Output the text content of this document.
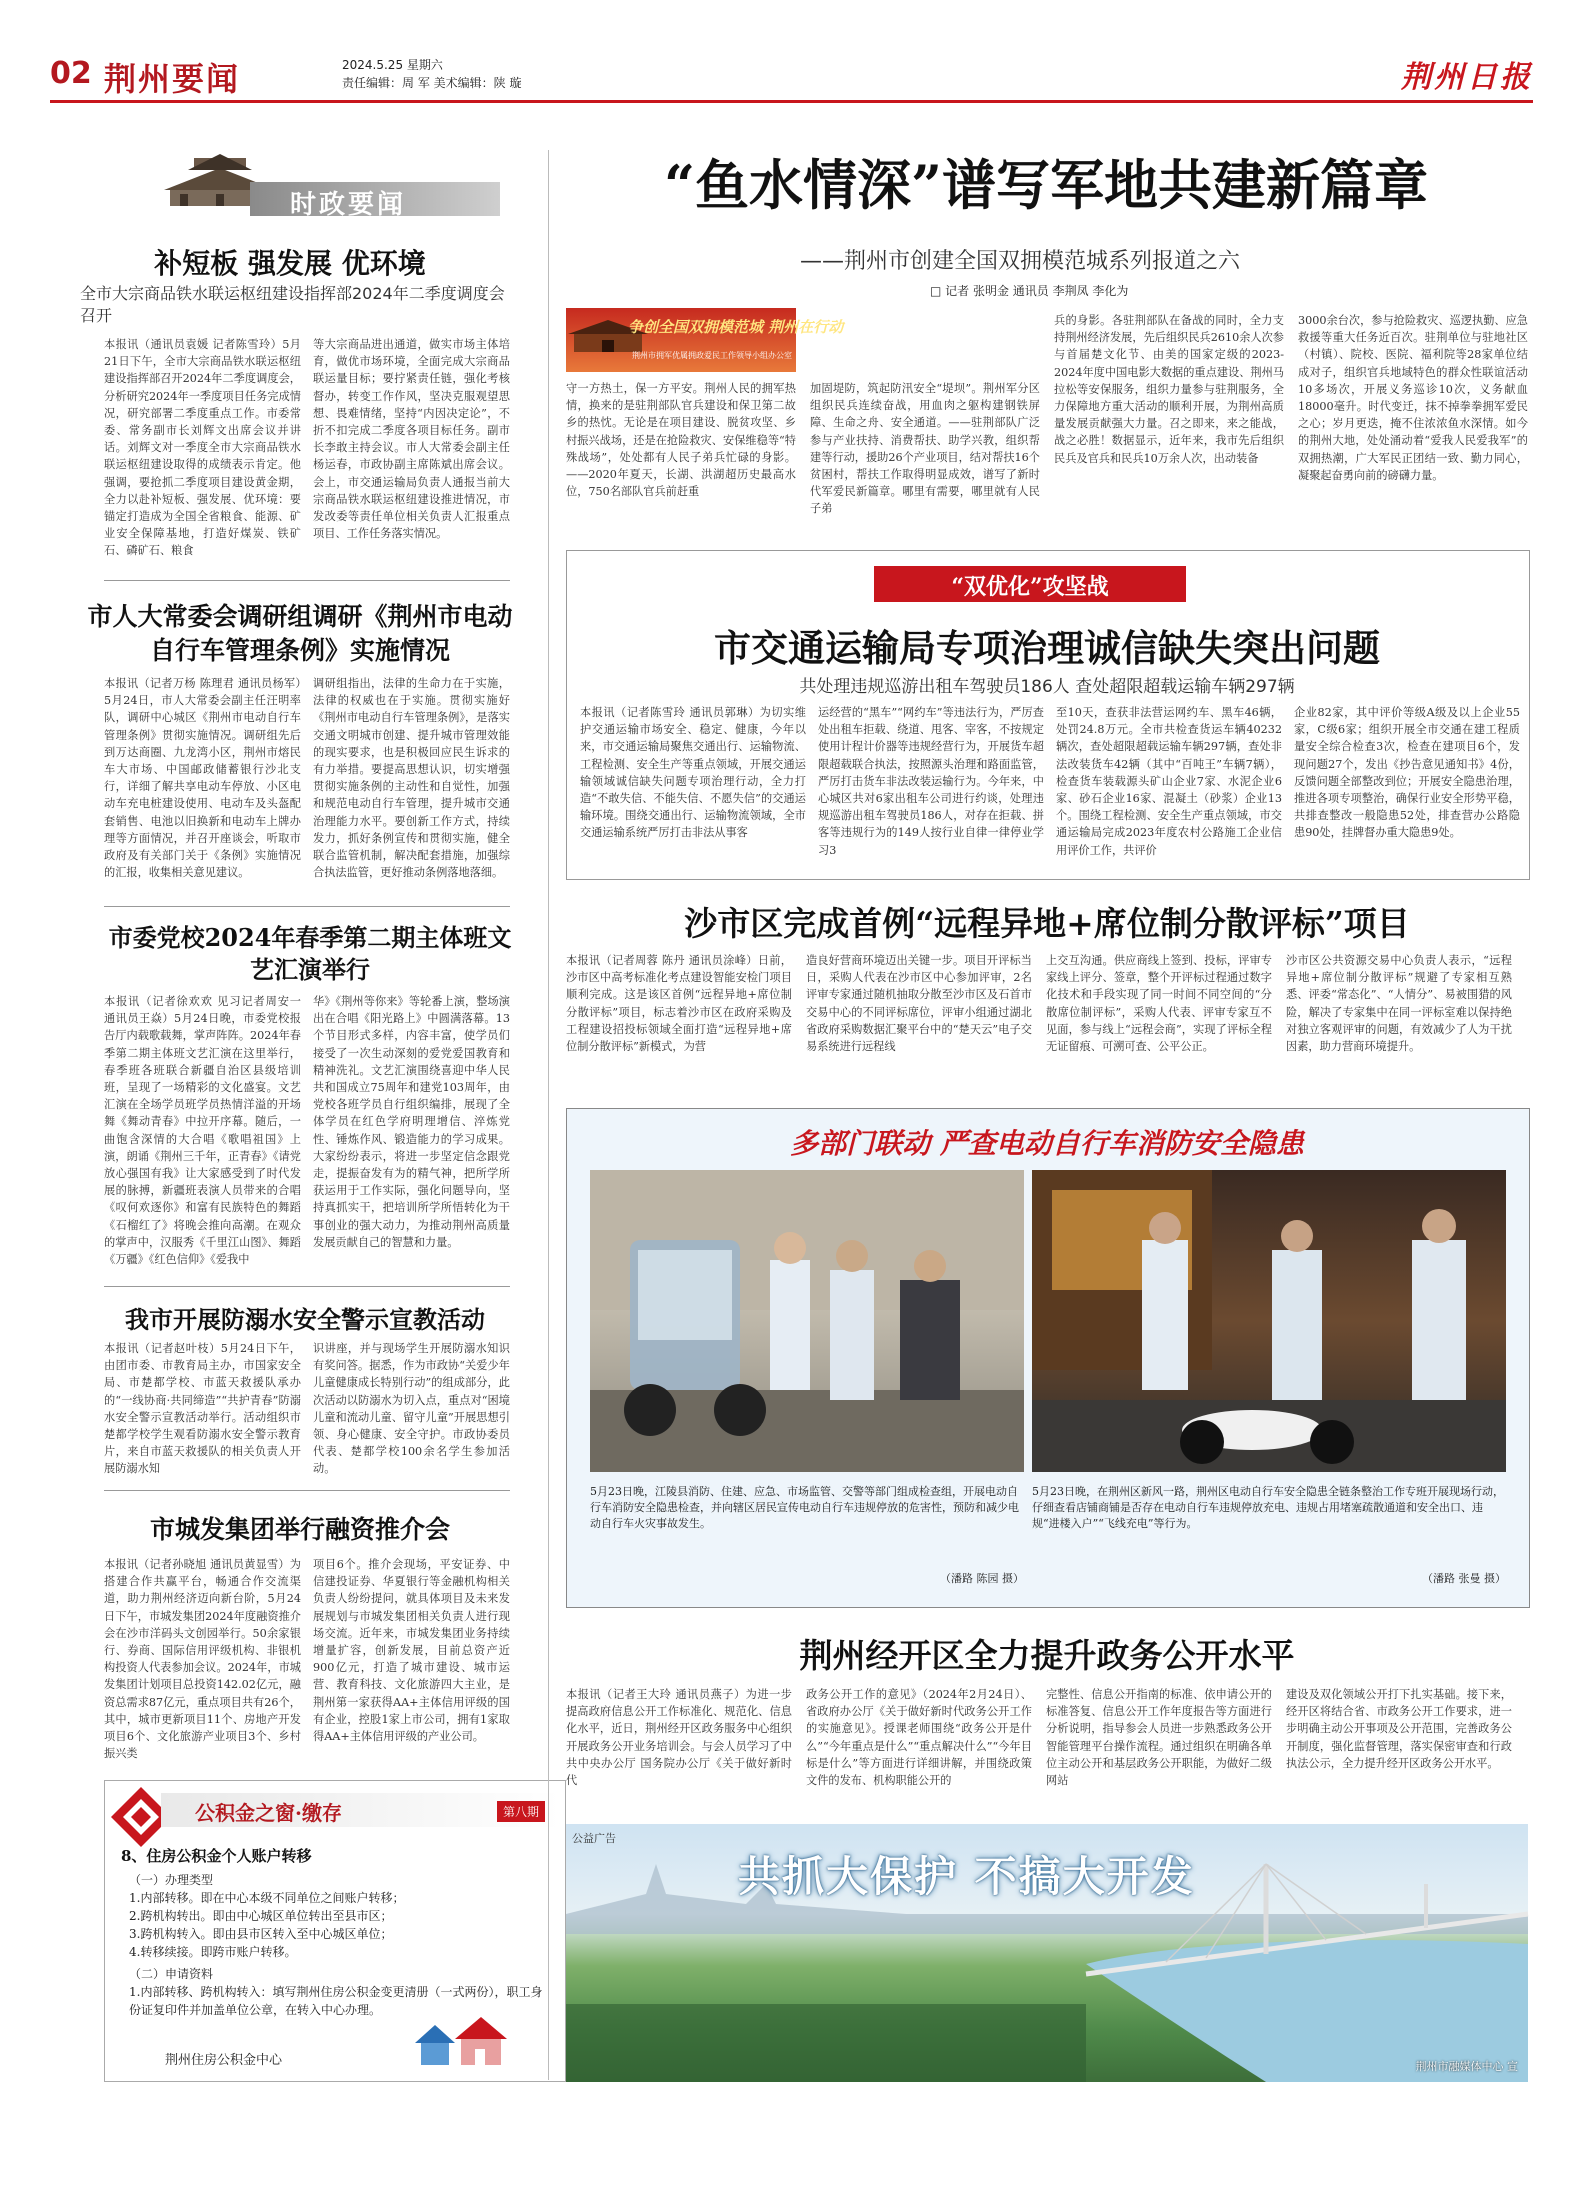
02 荆州要闻	2024.5.25 星期六
责任编辑：周 军 美术编辑：陕 璇	荆州日报
时政要闻
补短板 强发展 优环境
全市大宗商品铁水联运枢纽建设指挥部2024年二季度调度会召开
本报讯（通讯员袁媛 记者陈雪玲）5月21日下午，全市大宗商品铁水联运枢纽建设指挥部召开2024年二季度调度会，分析研究2024年一季度项目任务完成情况，研究部署二季度重点工作。市委常委、常务副市长刘辉文出席会议并讲话。刘辉文对一季度全市大宗商品铁水联运枢纽建设取得的成绩表示肯定。他强调，要抢抓二季度项目建设黄金期，全力以赴补短板、强发展、优环境：要锚定打造成为全国全省粮食、能源、矿业安全保障基地，打造好煤炭、铁矿石、磷矿石、粮食
等大宗商品进出通道，做实市场主体培育，做优市场环境，全面完成大宗商品联运量目标；要拧紧责任链，强化考核督办，转变工作作风，坚决克服观望思想、畏难情绪，坚持“内因决定论”，不折不扣完成二季度各项目标任务。副市长李敢主持会议。市人大常委会副主任杨运春，市政协副主席陈斌出席会议。会上，市交通运输局负责人通报当前大宗商品铁水联运枢纽建设推进情况，市发改委等责任单位相关负责人汇报重点项目、工作任务落实情况。
市人大常委会调研组调研《荆州市电动自行车管理条例》实施情况
本报讯（记者万杨 陈理君 通讯员杨军）5月24日，市人大常委会副主任汪明率队，调研中心城区《荆州市电动自行车管理条例》贯彻实施情况。调研组先后到万达商圈、九龙湾小区，荆州市熔民车大市场、中国邮政储蓄银行沙北支行，详细了解共享电动车停放、小区电动车充电桩建设使用、电动车及头盔配套销售、电池以旧换新和电动车上牌办理等方面情况，并召开座谈会，听取市政府及有关部门关于《条例》实施情况的汇报，收集相关意见建议。
调研组指出，法律的生命力在于实施，法律的权威也在于实施。贯彻实施好《荆州市电动自行车管理条例》，是落实交通文明城市创建、提升城市管理效能的现实要求，也是积极回应民生诉求的有力举措。要提高思想认识，切实增强贯彻实施条例的主动性和自觉性，加强和规范电动自行车管理，提升城市交通治理能力水平。要创新工作方式，持续发力，抓好条例宣传和贯彻实施，健全联合监管机制，解决配套措施，加强综合执法监管，更好推动条例落地落细。
市委党校2024年春季第二期主体班文艺汇演举行
本报讯（记者徐欢欢 见习记者周安一 通讯员王焱）5月24日晚，市委党校报告厅内载歌载舞，掌声阵阵。2024年春季第二期主体班文艺汇演在这里举行，春季班各班联合新疆自治区县级培训班，呈现了一场精彩的文化盛宴。文艺汇演在全场学员班学员热情洋溢的开场舞《舞动青春》中拉开序幕。随后，一曲饱含深情的大合唱《歌唱祖国》上演，朗诵《荆州三千年，正青春》《请党放心强国有我》让大家感受到了时代发展的脉搏，新疆班表演人员带来的合唱《叹何欢逐你》和富有民族特色的舞蹈《石榴红了》将晚会推向高潮。在观众的掌声中，汉服秀《千里江山图》、舞蹈《万疆》《红色信仰》《爱我中
华》《荆州等你来》等轮番上演，整场演出在合唱《阳光路上》中圆满落幕。13个节目形式多样，内容丰富，使学员们接受了一次生动深刻的爱党爱国教育和精神洗礼。文艺汇演围绕喜迎中华人民共和国成立75周年和建党103周年，由党校各班学员自行组织编排，展现了全体学员在红色学府明理增信、淬炼党性、锤炼作风、锻造能力的学习成果。大家纷纷表示，将进一步坚定信念跟党走，提振奋发有为的精气神，把所学所获运用于工作实际，强化问题导向，坚持真抓实干，把培训所学所悟转化为干事创业的强大动力，为推动荆州高质量发展贡献自己的智慧和力量。
我市开展防溺水安全警示宣教活动
本报讯（记者赵叶枝）5月24日下午，由团市委、市教育局主办，市国家安全局、市楚都学校、市蓝天救援队承办的“一线协商·共同缔造”“共护青春”防溺水安全警示宣教活动举行。活动组织市楚都学校学生观看防溺水安全警示教育片，来自市蓝天救援队的相关负责人开展防溺水知
识讲座，并与现场学生开展防溺水知识有奖问答。据悉，作为市政协“关爱少年儿童健康成长特别行动”的组成部分，此次活动以防溺水为切入点，重点对“困境儿童和流动儿童、留守儿童”开展思想引领、身心健康、安全守护。市政协委员代表、楚都学校100余名学生参加活动。
市城发集团举行融资推介会
本报讯（记者孙晓旭 通讯员黄显雪）为搭建合作共赢平台，畅通合作交流渠道，助力荆州经济迈向新台阶，5月24日下午，市城发集团2024年度融资推介会在沙市洋码头文创园举行。50余家银行、券商、国际信用评级机构、非银机构投资人代表参加会议。2024年，市城发集团计划项目总投资142.02亿元，融资总需求87亿元，重点项目共有26个，其中，城市更新项目11个、房地产开发项目6个、文化旅游产业项目3个、乡村振兴类
项目6个。推介会现场，平安证券、中信建投证券、华夏银行等金融机构相关负责人纷纷提问，就具体项目及未来发展规划与市城发集团相关负责人进行现场交流。近年来，市城发集团业务持续增量扩容，创新发展，目前总资产近900亿元，打造了城市建设、城市运营、教育科技、文化旅游四大主业，是荆州第一家获得AA+主体信用评级的国有企业，控股1家上市公司，拥有1家取得AA+主体信用评级的产业公司。
公积金之窗·缴存	第八期
8、住房公积金个人账户转移
（一）办理类型
1.内部转移。即在中心本级不同单位之间账户转移；
2.跨机构转出。即由中心城区单位转出至县市区；
3.跨机构转入。即由县市区转入至中心城区单位；
4.转移续接。即跨市账户转移。
（二）申请资料
1.内部转移、跨机构转入：填写荆州住房公积金变更清册（一式两份），职工身份证复印件并加盖单位公章，在转入中心办理。
荆州住房公积金中心
“鱼水情深”谱写军地共建新篇章
——荆州市创建全国双拥模范城系列报道之六
□ 记者 张明金 通讯员 李荆凤 李化为
争创全国双拥模范城 荆州在行动
荆州市拥军优属拥政爱民工作领导小组办公室
守一方热土，保一方平安。荆州人民的拥军热情，换来的是驻荆部队官兵建设和保卫第二故乡的热忱。无论是在项目建设、脱贫攻坚、乡村振兴战场，还是在抢险救灾、安保维稳等“特殊战场”，处处都有人民子弟兵忙碌的身影。——2020年夏天，长湖、洪湖超历史最高水位，750名部队官兵前赶重
加固堤防，筑起防汛安全“堤坝”。荆州军分区组织民兵连续奋战，用血肉之躯构建钢铁屏障、生命之舟、安全通道。——驻荆部队广泛参与产业扶持、消费帮扶、助学兴教，组织帮建等行动，援助26个产业项目，结对帮扶16个贫困村，帮扶工作取得明显成效，谱写了新时代军爱民新篇章。哪里有需要，哪里就有人民子弟
兵的身影。各驻荆部队在备战的同时，全力支持荆州经济发展，先后组织民兵2610余人次参与首届楚文化节、由美的国家定级的2023-2024年度中国电影大数据的重点建设、荆州马拉松等安保服务，组织力量参与驻荆服务，全力保障地方重大活动的顺利开展，为荆州高质量发展贡献强大力量。召之即来，来之能战，战之必胜！数据显示，近年来，我市先后组织民兵及官兵和民兵10万余人次，出动装备
3000余台次，参与抢险救灾、巡逻执勤、应急救援等重大任务近百次。驻荆单位与驻地社区（村镇）、院校、医院、福利院等28家单位结成对子，组织官兵地域特色的群众性联谊活动10多场次，开展义务巡诊10次，义务献血18000毫升。时代变迁，抹不掉拳拳拥军爱民之心；岁月更迭，掩不住浓浓鱼水深情。如今的荆州大地，处处涌动着“爱我人民爱我军”的双拥热潮，广大军民正团结一致、勤力同心，凝聚起奋勇向前的磅礴力量。
“双优化”攻坚战
市交通运输局专项治理诚信缺失突出问题
共处理违规巡游出租车驾驶员186人 查处超限超载运输车辆297辆
本报讯（记者陈雪玲 通讯员郭琳）为切实维护交通运输市场安全、稳定、健康，今年以来，市交通运输局聚焦交通出行、运输物流、工程检测、安全生产等重点领域，开展交通运输领域诚信缺失问题专项治理行动，全力打造“不敢失信、不能失信、不愿失信”的交通运输环境。围绕交通出行、运输物流领域，全市交通运输系统严厉打击非法从事客
运经营的“黑车”“网约车”等违法行为，严厉查处出租车拒载、绕道、甩客、宰客，不按规定使用计程计价器等违规经营行为，开展货车超限超载联合执法，按照源头治理和路面监管，严厉打击货车非法改装运输行为。今年来，中心城区共对6家出租车公司进行约谈，处理违规巡游出租车驾驶员186人，对存在拒载、拼客等违规行为的149人按行业自律一律停业学习3
至10天，查获非法营运网约车、黑车46辆，处罚24.8万元。全市共检查货运车辆40232辆次，查处超限超载运输车辆297辆，查处非法改装货车42辆（其中“百吨王”车辆7辆），检查货车装载源头矿山企业7家、水泥企业6家、砂石企业16家、混凝土（砂浆）企业13个。围绕工程检测、安全生产重点领域，市交通运输局完成2023年度农村公路施工企业信用评价工作，共评价
企业82家，其中评价等级A级及以上企业55家，C级6家；组织开展全市交通在建工程质量安全综合检查3次，检查在建项目6个，发现问题27个，发出《抄告意见通知书》4份，反馈问题全部整改到位；开展安全隐患治理，推进各项专项整治，确保行业安全形势平稳，共排查整改一般隐患52处，排查营办公路隐患90处，挂牌督办重大隐患9处。
沙市区完成首例“远程异地+席位制分散评标”项目
本报讯（记者周蓉 陈丹 通讯员涂峰）日前，沙市区中高考标准化考点建设智能安检门项目顺利完成。这是该区首例“远程异地+席位制分散评标”项目，标志着沙市区在政府采购及工程建设招投标领域全面打造“远程异地+席位制分散评标”新模式，为营
造良好营商环境迈出关键一步。项目开评标当日，采购人代表在沙市区中心参加评审，2名评审专家通过随机抽取分散至沙市区及石首市交易中心的不同评标席位，评审小组通过湖北省政府采购数据汇聚平台中的“楚天云”电子交易系统进行远程线
上交互沟通。供应商线上签到、投标，评审专家线上评分、签章，整个开评标过程通过数字化技术和手段实现了同一时间不同空间的“分散席位制评标”，采购人代表、评审专家互不见面，参与线上“远程会商”，实现了评标全程无证留痕、可溯可查、公平公正。
沙市区公共资源交易中心负责人表示，“远程异地+席位制分散评标”规避了专家相互熟悉、评委“常态化”、“人情分”、易被围猎的风险，解决了专家集中在同一评标室难以保持绝对独立客观评审的问题，有效减少了人为干扰因素，助力营商环境提升。
多部门联动 严查电动自行车消防安全隐患
5月23日晚，江陵县消防、住建、应急、市场监管、交警等部门组成检查组，开展电动自行车消防安全隐患检查，并向辖区居民宣传电动自行车违规停放的危害性，预防和减少电动自行车火灾事故发生。
（潘路 陈园 摄）
5月23日晚，在荆州区新风一路，荆州区电动自行车安全隐患全链条整治工作专班开展现场行动，仔细查看店铺商铺是否存在电动自行车违规停放充电、违规占用堵塞疏散通道和安全出口、违规“进楼入户”“飞线充电”等行为。
（潘路 张曼 摄）
荆州经开区全力提升政务公开水平
本报讯（记者王大玲 通讯员燕子）为进一步提高政府信息公开工作标准化、规范化、信息化水平，近日，荆州经开区政务服务中心组织开展政务公开业务培训会。与会人员学习了中共中央办公厅 国务院办公厅《关于做好新时代
政务公开工作的意见》（2024年2月24日）、省政府办公厅《关于做好新时代政务公开工作的实施意见》。授课老师围绕“政务公开是什么”“今年重点是什么”“重点解决什么”“今年目标是什么”等方面进行详细讲解，并围绕政策文件的发布、机构职能公开的
完整性、信息公开指南的标准、依申请公开的标准答复、信息公开工作年度报告等方面进行分析说明，指导参会人员进一步熟悉政务公开智能管理平台操作流程。通过组织在明确各单位主动公开和基层政务公开职能，为做好二级网站
建设及双化领域公开打下扎实基础。接下来，经开区将结合省、市政务公开工作要求，进一步明确主动公开事项及公开范围，完善政务公开制度，强化监督管理，落实保密审查和行政执法公示，全力提升经开区政务公开水平。
公益广告
共抓大保护 不搞大开发
荆州市融媒体中心 宣
